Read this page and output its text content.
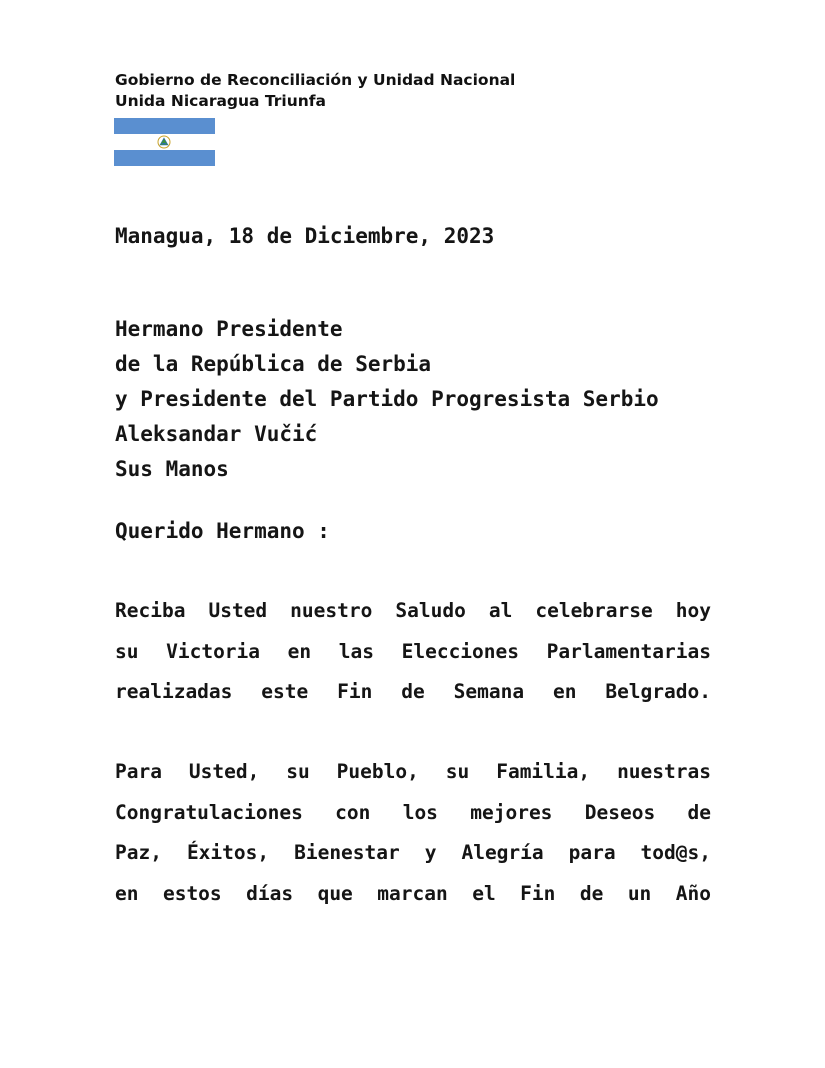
Gobierno de Reconciliación y Unidad Nacional
Unida Nicaragua Triunfa
Managua, 18 de Diciembre, 2023
Hermano Presidente
de la República de Serbia
y Presidente del Partido Progresista Serbio
Aleksandar Vučić
Sus Manos
Querido Hermano :
Reciba Usted nuestro Saludo al celebrarse hoy
su Victoria en las Elecciones Parlamentarias
realizadas este Fin de Semana en Belgrado.
Para Usted, su Pueblo, su Familia, nuestras
Congratulaciones con los mejores Deseos de
Paz, Éxitos, Bienestar y Alegría para tod@s,
en estos días que marcan el Fin de un Año
